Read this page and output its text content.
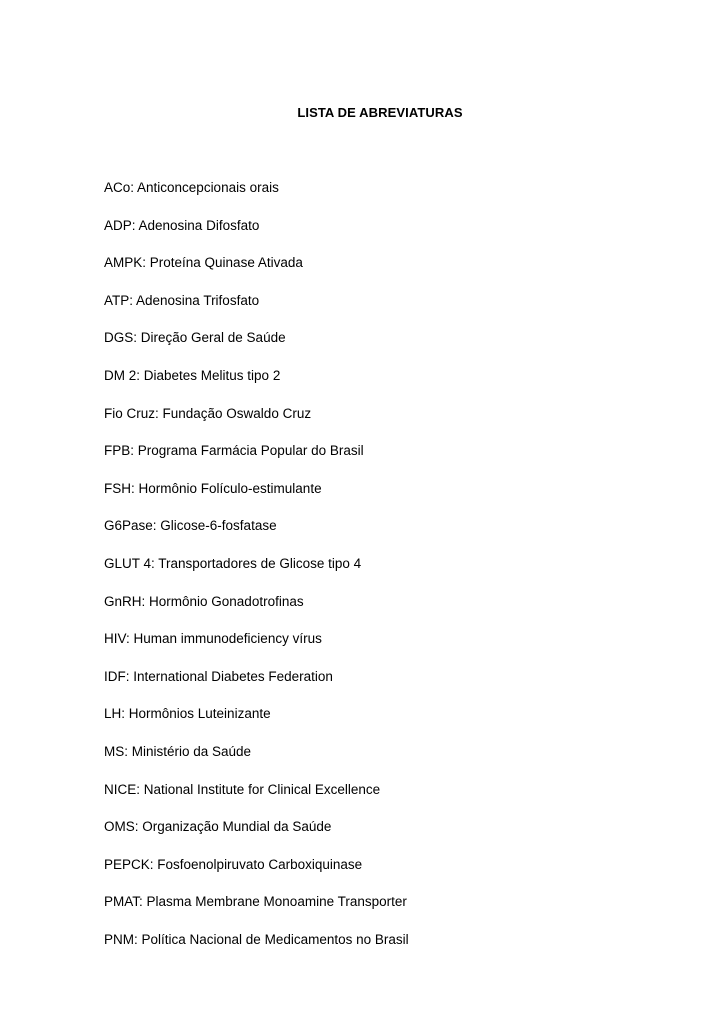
LISTA DE ABREVIATURAS
ACo: Anticoncepcionais orais
ADP: Adenosina Difosfato
AMPK: Proteína Quinase Ativada
ATP: Adenosina Trifosfato
DGS: Direção Geral de Saúde
DM 2: Diabetes Melitus tipo 2
Fio Cruz: Fundação Oswaldo Cruz
FPB: Programa Farmácia Popular do Brasil
FSH: Hormônio Folículo-estimulante
G6Pase: Glicose-6-fosfatase
GLUT 4: Transportadores de Glicose tipo 4
GnRH: Hormônio Gonadotrofinas
HIV: Human immunodeficiency vírus
IDF: International Diabetes Federation
LH: Hormônios Luteinizante
MS: Ministério da Saúde
NICE: National Institute for Clinical Excellence
OMS: Organização Mundial da Saúde
PEPCK: Fosfoenolpiruvato Carboxiquinase
PMAT: Plasma Membrane Monoamine Transporter
PNM: Política Nacional de Medicamentos no Brasil
